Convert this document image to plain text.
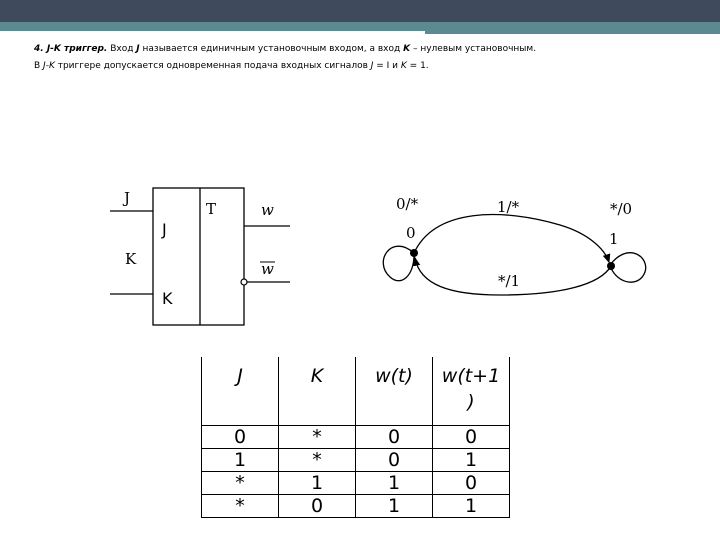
4. J-K триггер. Вход J называется единичным установочным входом, а вход K – нулевым установочным.
В J-K триггере допускается одновременная подача входных сигналов J = I и K = 1.
J
K
J
K
T	w
w
0/*
0
1/*	*/0
1
*/1
J	K	w(t)	w(t+1
)
0	*	0	0
1	*	0	1
*	1	1	0
*	0	1	1
